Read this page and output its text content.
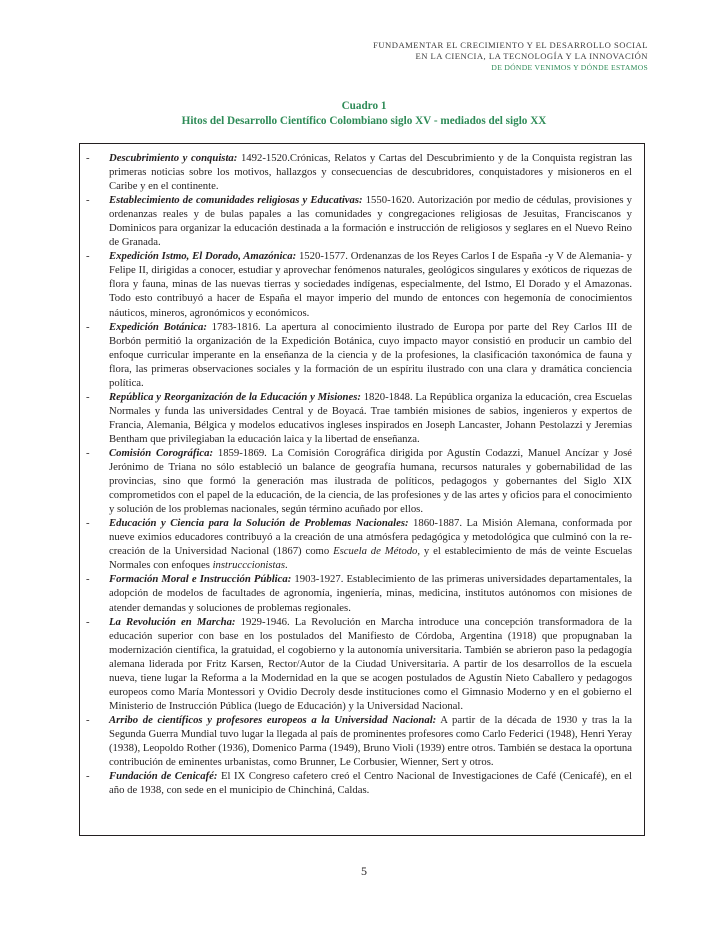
FUNDAMENTAR EL CRECIMIENTO Y EL DESARROLLO SOCIAL
EN LA CIENCIA, LA TECNOLOGÍA Y LA INNOVACIÓN
DE DÓNDE VENIMOS Y DÓNDE ESTAMOS
Cuadro 1
Hitos del Desarrollo Científico Colombiano siglo XV - mediados del siglo XX
- Descubrimiento y conquista: 1492-1520.Crónicas, Relatos y Cartas del Descubrimiento y de la Conquista registran las primeras noticias sobre los motivos, hallazgos y consecuencias de descubridores, conquistadores y misioneros en el Caribe y en el continente.
- Establecimiento de comunidades religiosas y Educativas: 1550-1620. Autorización por medio de cédulas, provisiones y ordenanzas reales y de bulas papales a las comunidades y congregaciones religiosas de Jesuitas, Franciscanos y Dominicos para organizar la educación destinada a la formación e instrucción de religiosos y seglares en el Nuevo Reino de Granada.
- Expedición Istmo, El Dorado, Amazónica: 1520-1577. Ordenanzas de los Reyes Carlos I de España -y V de Alemania- y Felipe II, dirigidas a conocer, estudiar y aprovechar fenómenos naturales, geológicos singulares y exóticos de riquezas de flora y fauna, minas de las nuevas tierras y sociedades indígenas, especialmente, del Istmo, El Dorado y el Amazonas. Todo esto contribuyó a hacer de España el mayor imperio del mundo de entonces con hegemonía de conocimientos náuticos, mineros, agronómicos y económicos.
- Expedición Botánica: 1783-1816. La apertura al conocimiento ilustrado de Europa por parte del Rey Carlos III de Borbón permitió la organización de la Expedición Botánica, cuyo impacto mayor consistió en producir un cambio del enfoque curricular imperante en la enseñanza de la ciencia y de la profesiones, la clasificación taxonómica de fauna y flora, las primeras observaciones sociales y la formación de un espíritu ilustrado con una clara y dramática conciencia política.
- República y Reorganización de la Educación y Misiones: 1820-1848. La República organiza la educación, crea Escuelas Normales y funda las universidades Central y de Boyacá. Trae también misiones de sabios, ingenieros y expertos de Francia, Alemania, Bélgica y modelos educativos ingleses inspirados en Joseph Lancaster, Johann Pestolazzi y Jeremias Bentham que privilegiaban la educación laica y la libertad de enseñanza.
- Comisión Corográfica: 1859-1869. La Comisión Corográfica dirigida por Agustín Codazzi, Manuel Ancízar y José Jerónimo de Triana no sólo estableció un balance de geografía humana, recursos naturales y gobernabilidad de las provincias, sino que formó la generación mas ilustrada de políticos, pedagogos y gobernantes del Siglo XIX comprometidos con el papel de la educación, de la ciencia, de las profesiones y de las artes y oficios para el conocimiento y solución de los problemas nacionales, según término acuñado por ellos.
- Educación y Ciencia para la Solución de Problemas Nacionales: 1860-1887. La Misión Alemana, conformada por nueve eximios educadores contribuyó a la creación de una atmósfera pedagógica y metodológica que culminó con la re-creación de la Universidad Nacional (1867) como Escuela de Método, y el establecimiento de más de veinte Escuelas Normales con enfoques instrucccionistas.
- Formación Moral e Instrucción Pública: 1903-1927. Establecimiento de las primeras universidades departamentales, la adopción de modelos de facultades de agronomía, ingeniería, minas, medicina, institutos autónomos con misiones de atender demandas y soluciones de problemas regionales.
- La Revolución en Marcha: 1929-1946. La Revolución en Marcha introduce una concepción transformadora de la educación superior con base en los postulados del Manifiesto de Córdoba, Argentina (1918) que propugnaban la modernización científica, la gratuidad, el cogobierno y la autonomía universitaria. También se abrieron paso la pedagogía alemana liderada por Fritz Karsen, Rector/Autor de la Ciudad Universitaria. A partir de los desarrollos de la escuela nueva, tiene lugar la Reforma a la Modernidad en la que se acogen postulados de Agustín Nieto Caballero y pedagogos europeos como María Montessori y Ovidio Decroly desde instituciones como el Gimnasio Moderno y en el gobierno el Ministerio de Instrucción Pública (luego de Educación) y la Universidad Nacional.
- Arribo de científicos y profesores europeos a la Universidad Nacional: A partir de la década de 1930 y tras la la Segunda Guerra Mundial tuvo lugar la llegada al país de prominentes profesores como Carlo Federici (1948), Henri Yeray (1938), Leopoldo Rother (1936), Domenico Parma (1949), Bruno Violi (1939) entre otros. También se destaca la oportuna contribución de eminentes urbanistas, como Brunner, Le Corbusier, Wienner, Sert y otros.
- Fundación de Cenicafé: El IX Congreso cafetero creó el Centro Nacional de Investigaciones de Café (Cenicafé), en el año de 1938, con sede en el municipio de Chinchiná, Caldas.
5
